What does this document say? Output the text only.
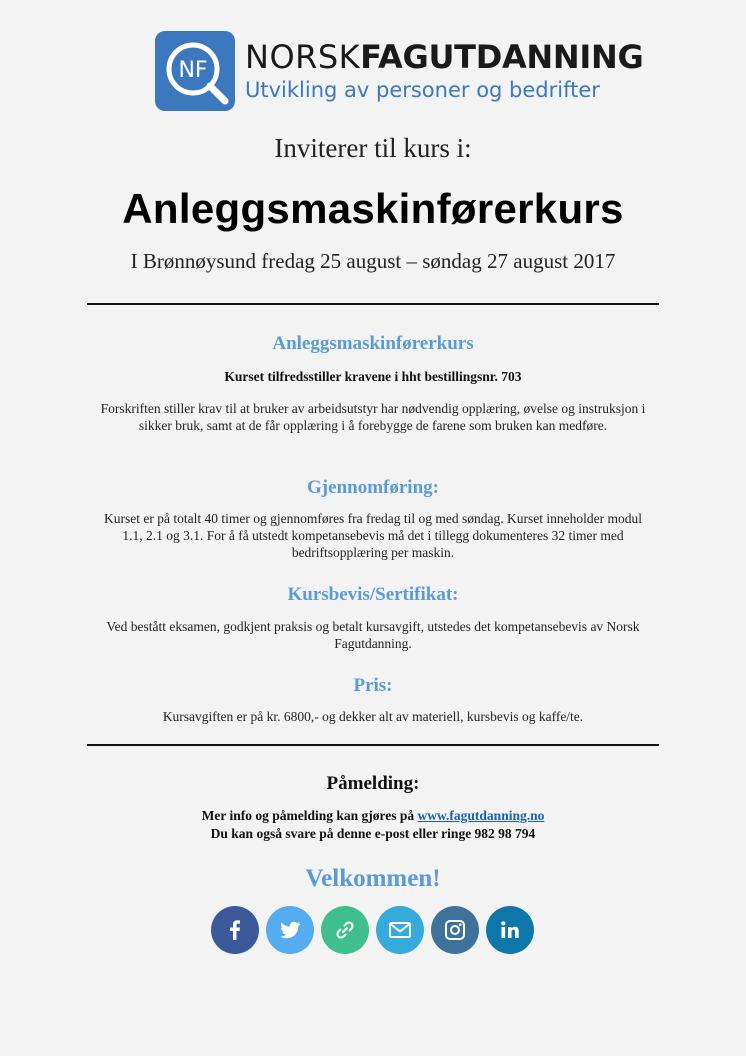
NF NORSKFAGUTDANNING
Utvikling av personer og bedrifter
Inviterer til kurs i:
Anleggsmaskinførerkurs
I Brønnøysund fredag 25 august – søndag 27 august 2017
Anleggsmaskinførerkurs
Kurset tilfredsstiller kravene i hht bestillingsnr. 703
Forskriften stiller krav til at bruker av arbeidsutstyr har nødvendig opplæring, øvelse og instruksjon i sikker bruk, samt at de får opplæring i å forebygge de farene som bruken kan medføre.
Gjennomføring:
Kurset er på totalt 40 timer og gjennomføres fra fredag til og med søndag. Kurset inneholder modul 1.1, 2.1 og 3.1. For å få utstedt kompetansebevis må det i tillegg dokumenteres 32 timer med bedriftsopplæring per maskin.
Kursbevis/Sertifikat:
Ved bestått eksamen, godkjent praksis og betalt kursavgift, utstedes det kompetansebevis av Norsk Fagutdanning.
Pris:
Kursavgiften er på kr. 6800,- og dekker alt av materiell, kursbevis og kaffe/te.
Påmelding:
Mer info og påmelding kan gjøres på www.fagutdanning.no
Du kan også svare på denne e-post eller ringe 982 98 794
Velkommen!
